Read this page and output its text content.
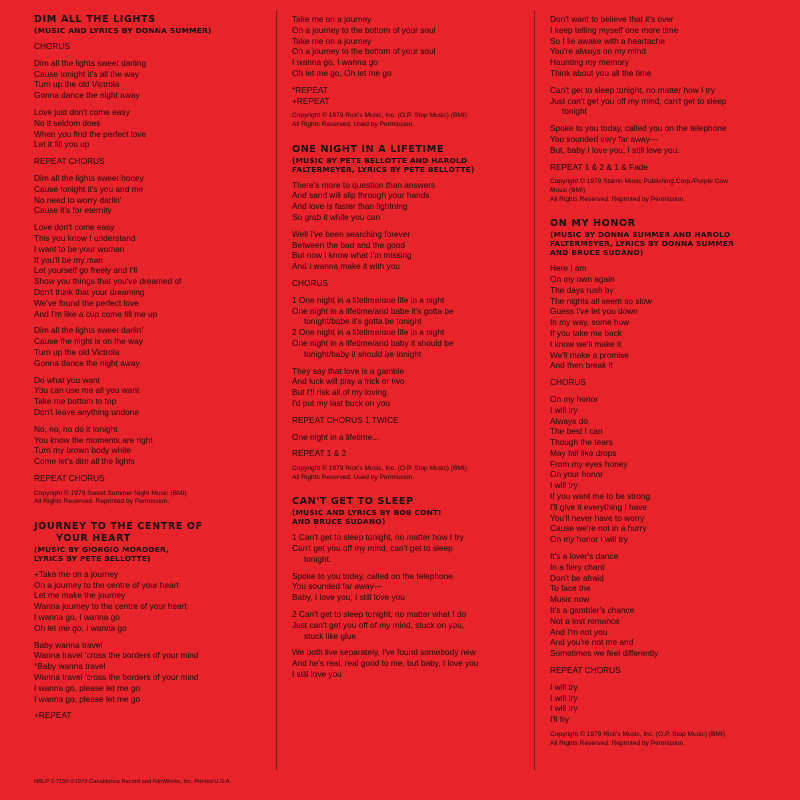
DIM ALL THE LIGHTS
(MUSIC AND LYRICS BY DONNA SUMMER)
CHORUS
Dim all the lights sweet darling
Cause tonight it's all the way
Turn up the old Victrola
Gonna dance the night away
Love just don't come easy
No it seldom does
When you find the perfect love
Let it fill you up
REPEAT CHORUS
Dim all the lights sweet honey
Cause tonight it's you and me
No need to worry darlin'
Cause it's for eternity
Love don't come easy
This you know I understand
I want to be your woman
If you'll be my man
Let yourself go freely and I'll
Show you things that you've dreamed of
Don't think that your dreaming
We've found the perfect love
And I'm like a cup come fill me up
Dim all the lights sweet darlin'
Cause the night is on the way
Turn up the old Victrola
Gonna dance the night away
Do what you want
You can use me all you want
Take me bottom to top
Don't leave anything undone
No, no, no do it tonight
You know the moments are right
Turn my brown body white
Come let's dim all the lights
REPEAT CHORUS
Copyright © 1979 Sweet Summer Night Music (BMI)
All Rights Reserved. Reprinted by Permission.
JOURNEY TO THE CENTRE OF
YOUR HEART
(MUSIC BY GIORGIO MORODER,
LYRICS BY PETE BELLOTTE)
+Take me on a journey
On a journey to the centre of your heart
Let me make the journey
Wanna journey to the centre of your heart
I wanna go, I wanna go
Oh let me go, I wanna go
Baby wanna travel
Wanna travel 'cross the borders of your mind
*Baby wanna travel
Wanna travel 'cross the borders of your mind
I wanna go, please let me go
I wanna go, please let me go
+REPEAT
Take me on a journey
On a journey to the bottom of your soul
Take me on a journey
On a journey to the bottom of your soul
I wanna go, I wanna go
Oh let me go, Oh let me go
*REPEAT
+REPEAT
Copyright © 1979 Rick's Music, Inc. (O.P. Stop Music) (BMI)
All Rights Reserved. Used by Permission.
ONE NIGHT IN A LIFETIME
(MUSIC BY PETE BELLOTTE AND HAROLD
FALTERMEYER, LYRICS BY PETE BELLOTTE)
There's more to question than answers
And sand will slip through your hands
And love is faster than lightning
So grab it while you can
Well I've been searching forever
Between the bad and the good
But now I know what I'm missing
And I wanna make it with you
CHORUS
1 One night in a lifetime/one life in a night
One night in a lifetime/and babe it's gotta be
tonight/babe it's gotta be tonight
2 One night in a lifetime/one life in a night
One night in a lifetime/and baby it should be
tonight/baby it should be tonight
They say that love is a gamble
And luck will play a trick or two
But I'll risk all of my loving
I'd put my last buck on you
REPEAT CHORUS 1 TWICE
One night in a lifetime...
REPEAT 1 & 2
Copyright © 1979 Rick's Music, Inc. (O.P. Stop Music) (BMI)
All Rights Reserved. Used by Permission.
CAN'T GET TO SLEEP
(MUSIC AND LYRICS BY BOB CONTI
AND BRUCE SUDANO)
1 Can't get to sleep tonight, no matter how I try
Can't get you off my mind, can't get to sleep
tonight.
Spoke to you today, called on the telephone
You sounded far away—
Baby, I love you, I still love you
2 Can't get to sleep tonight, no matter what I do
Just can't get you off of my mind, stuck on you,
stuck like glue
We both live separately, I've found somebody new
And he's real, real good to me, but baby, I love you
I still love you
Don't want to believe that it's over
I keep telling myself one more time
So I lie awake with a heartache
You're always on my mind
Haunting my memory
Think about you all the time
Can't get to sleep tonight, no matter how I try
Just can't get you off my mind, can't get to sleep
tonight
Spoke to you today, called you on the telephone
You sounded very far away—
But, baby I love you, I still love you.
REPEAT 1 & 2 & 1 & Fade
Copyright © 1979 Starrin Music Publishing Corp./Purple Cow
Music (BMI)
All Rights Reserved. Reprinted by Permission.
ON MY HONOR
(MUSIC BY DONNA SUMMER AND HAROLD
FALTERMEYER, LYRICS BY DONNA SUMMER
AND BRUCE SUDANO)
Here I am
On my own again
The days rush by
The nights all seem so slow
Guess I've let you down
In my way, some how
If you take me back
I know we'll make it
We'll make a promise
And then break it
CHORUS
On my honor
I will try
Always do
The best I can
Though the tears
May fall like drops
From my eyes honey
On your honor
I will try
If you want me to be strong
I'll give it everything I have
You'll never have to worry
Cause we're not in a hurry
On my honor I will try
It's a lover's dance
In a fiery chant
Don't be afraid
To face the
Music now
It's a gambler's chance
Not a lost romance
And I'm not you
And you're not me and
Sometimes we feel differently
REPEAT CHORUS
I will try
I will try
I will try
I'll try
Copyright © 1979 Rick's Music, Inc. (O.P. Stop Music) (BMI)
All Rights Reserved. Reprinted by Permission.
NBLP 2-7150 ℗1979 Casablanca Record and FilmWorks, Inc. Printed U.S.A.
